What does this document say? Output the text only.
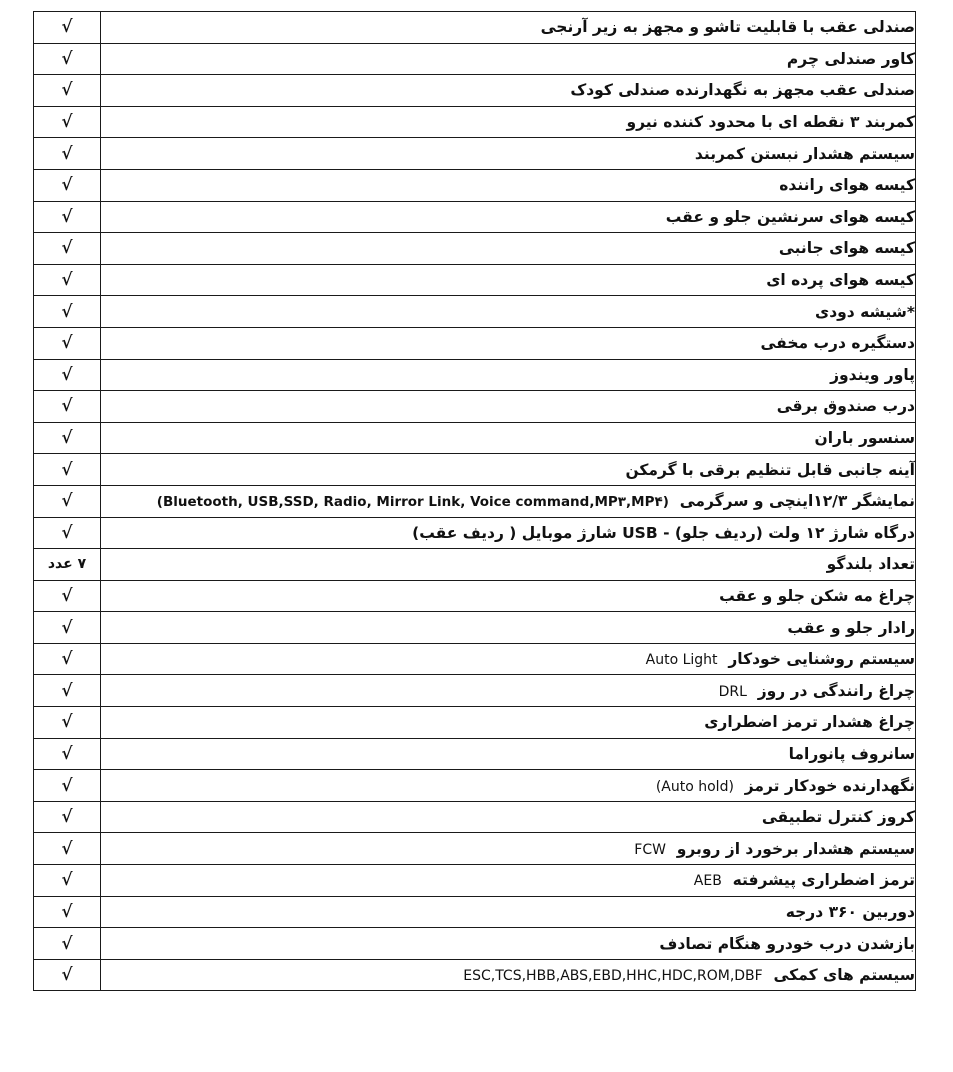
√	صندلی عقب با قابلیت تاشو و مجهز به زیر آرنجی
√	کاور صندلی چرم
√	صندلی عقب مجهز به نگهدارنده صندلی کودک
√	کمربند ۳ نقطه ای با محدود کننده نیرو
√	سیستم هشدار نبستن کمربند
√	کیسه هوای راننده
√	کیسه هوای سرنشین جلو و عقب
√	کیسه هوای جانبی
√	کیسه هوای پرده ای
√	*شیشه دودی
√	دستگیره درب مخفی
√	پاور ویندوز
√	درب صندوق برقی
√	سنسور باران
√	آینه جانبی قابل تنظیم برقی با گرمکن
√	نمایشگر ۱۲/۳اینچی و سرگرمی  (Bluetooth, USB,SSD, Radio, Mirror Link, Voice command,MP۳,MP۴)
√	درگاه شارژ ۱۲ ولت (ردیف جلو) - USB شارژ موبایل ( ردیف عقب)
۷ عدد	تعداد بلندگو
√	چراغ مه شکن جلو و عقب
√	رادار جلو و عقب
√	سیستم روشنایی خودکار  Auto Light
√	چراغ رانندگی در روز  DRL
√	چراغ هشدار ترمز اضطراری
√	سانروف پانوراما
√	نگهدارنده خودکار ترمز  (Auto hold)
√	کروز کنترل تطبیقی
√	سیستم هشدار برخورد از روبرو  FCW
√	ترمز اضطراری پیشرفته  AEB
√	دوربین ۳۶۰ درجه
√	بازشدن درب خودرو هنگام تصادف
√	سیستم های کمکی  ESC,TCS,HBB,ABS,EBD,HHC,HDC,ROM,DBF
